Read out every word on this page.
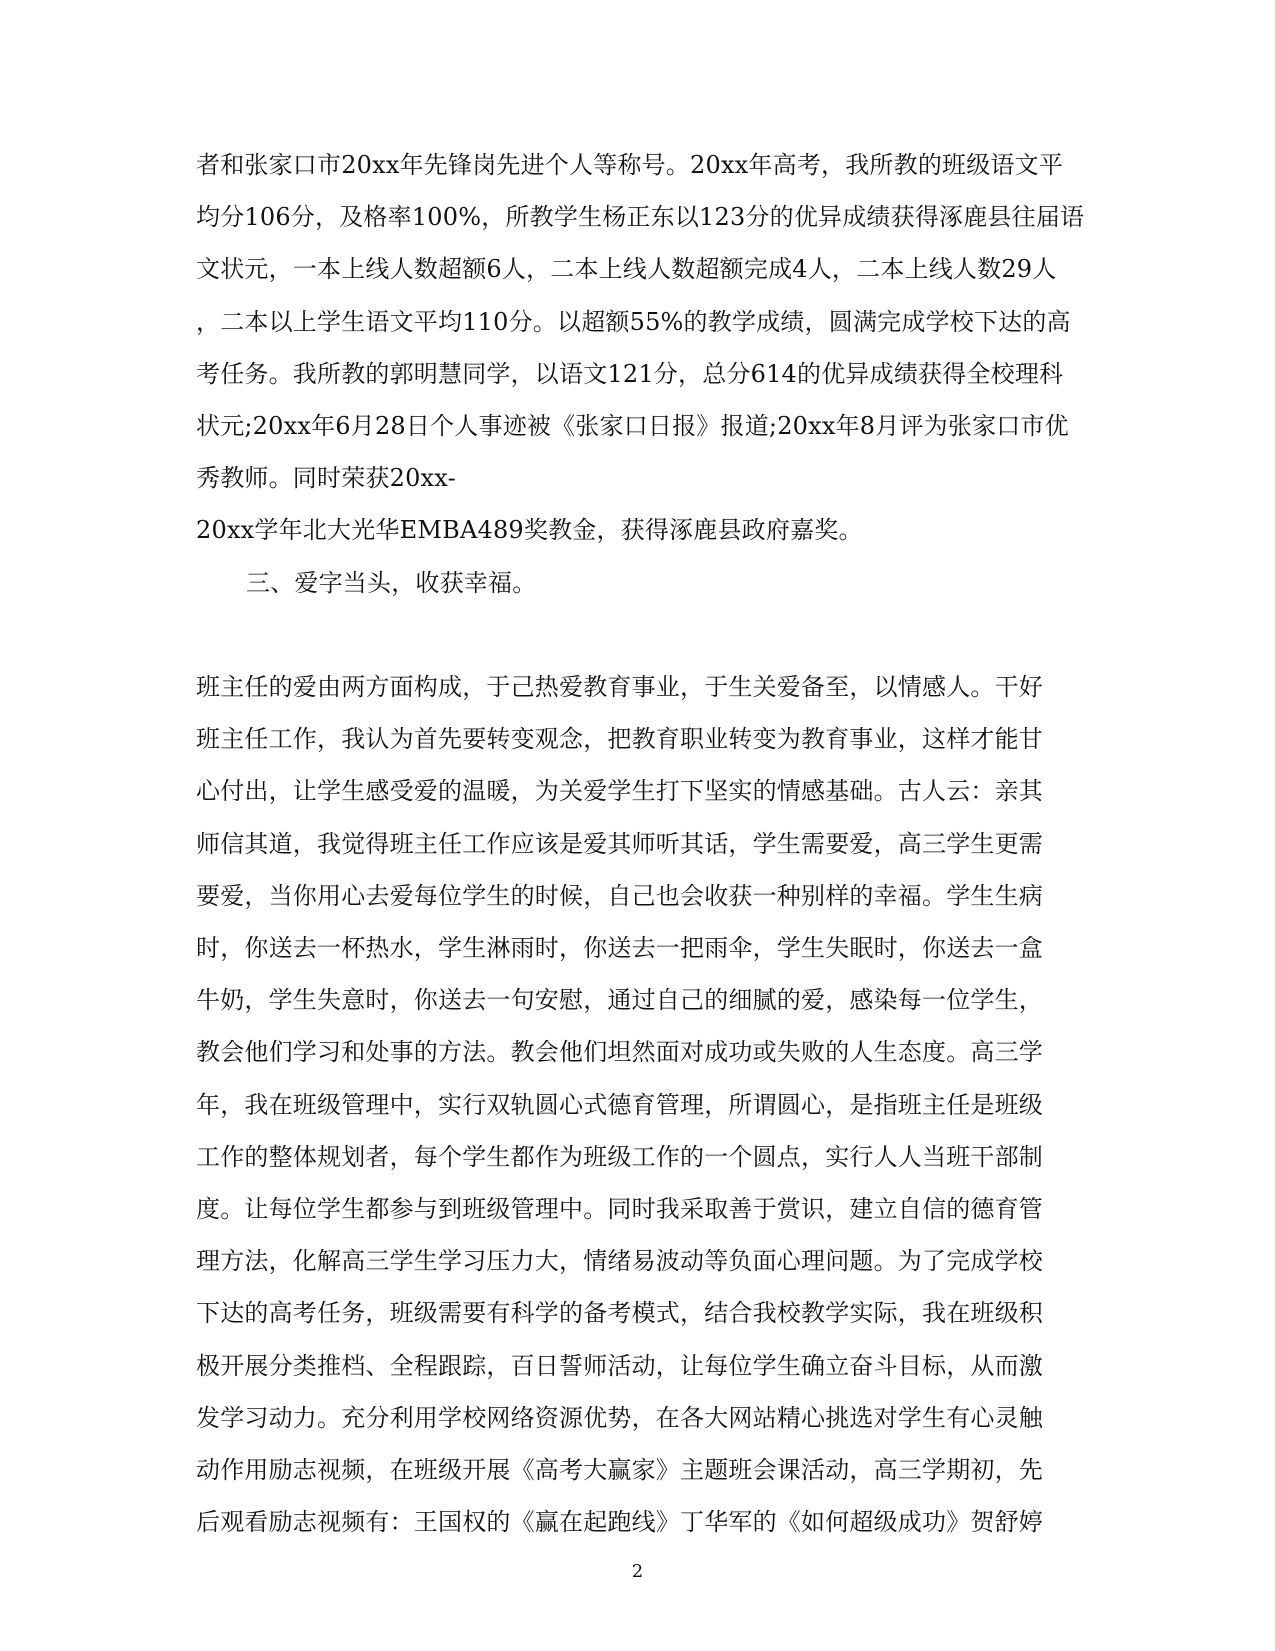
者和张家口市20xx年先锋岗先进个人等称号。20xx年高考，我所教的班级语文平
均分106分，及格率100%，所教学生杨正东以123分的优异成绩获得涿鹿县往届语
文状元，一本上线人数超额6人，二本上线人数超额完成4人，二本上线人数29人
，二本以上学生语文平均110分。以超额55%的教学成绩，圆满完成学校下达的高
考任务。我所教的郭明慧同学，以语文121分，总分614的优异成绩获得全校理科
状元;20xx年6月28日个人事迹被《张家口日报》报道;20xx年8月评为张家口市优
秀教师。同时荣获20xx-
20xx学年北大光华EMBA489奖教金，获得涿鹿县政府嘉奖。
三、爱字当头，收获幸福。
班主任的爱由两方面构成，于己热爱教育事业，于生关爱备至，以情感人。干好
班主任工作，我认为首先要转变观念，把教育职业转变为教育事业，这样才能甘
心付出，让学生感受爱的温暖，为关爱学生打下坚实的情感基础。古人云：亲其
师信其道，我觉得班主任工作应该是爱其师听其话，学生需要爱，高三学生更需
要爱，当你用心去爱每位学生的时候，自己也会收获一种别样的幸福。学生生病
时，你送去一杯热水，学生淋雨时，你送去一把雨伞，学生失眠时，你送去一盒
牛奶，学生失意时，你送去一句安慰，通过自己的细腻的爱，感染每一位学生，
教会他们学习和处事的方法。教会他们坦然面对成功或失败的人生态度。高三学
年，我在班级管理中，实行双轨圆心式德育管理，所谓圆心，是指班主任是班级
工作的整体规划者，每个学生都作为班级工作的一个圆点，实行人人当班干部制
度。让每位学生都参与到班级管理中。同时我采取善于赏识，建立自信的德育管
理方法，化解高三学生学习压力大，情绪易波动等负面心理问题。为了完成学校
下达的高考任务，班级需要有科学的备考模式，结合我校教学实际，我在班级积
极开展分类推档、全程跟踪，百日誓师活动，让每位学生确立奋斗目标，从而激
发学习动力。充分利用学校网络资源优势，在各大网站精心挑选对学生有心灵触
动作用励志视频，在班级开展《高考大赢家》主题班会课活动，高三学期初，先
后观看励志视频有：王国权的《赢在起跑线》丁华军的《如何超级成功》贺舒婷
2
